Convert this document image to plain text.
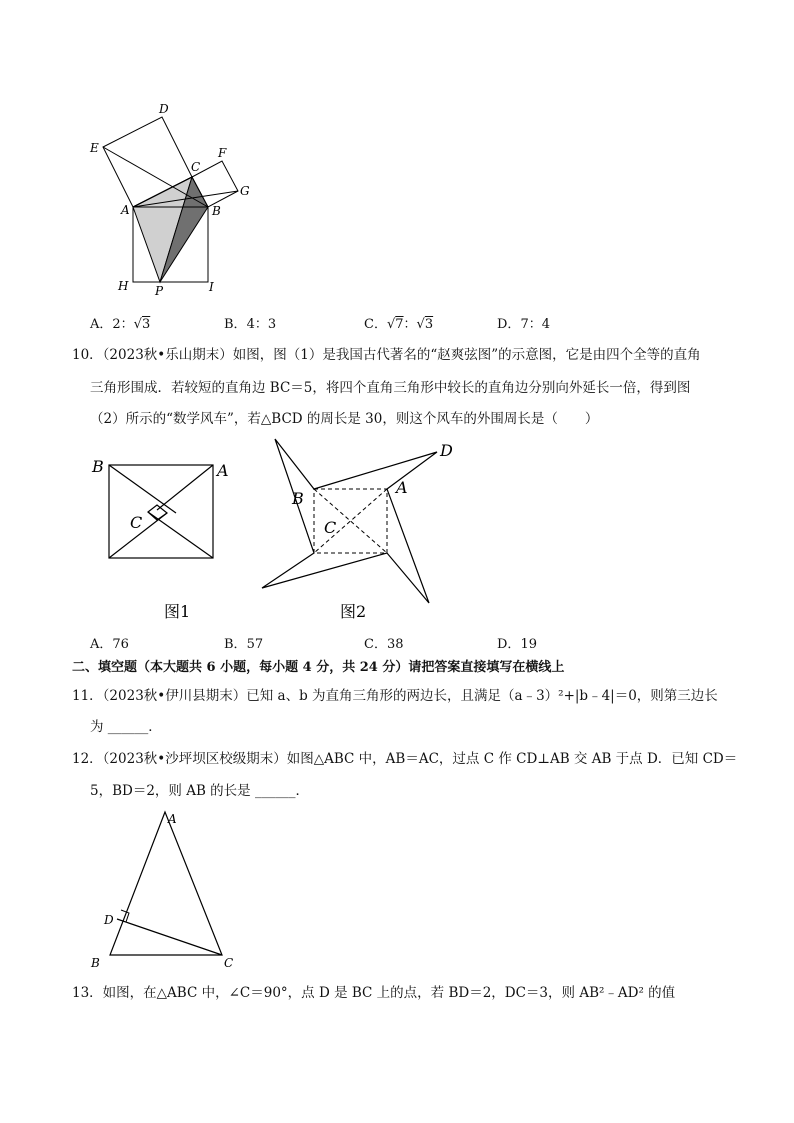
D
E
C
F
G
A	B
H P	I
A．2：√3	B．4：3	C．√7：√3	D．7：4
10．（2023秋•乐山期末）如图，图（1）是我国古代著名的“赵爽弦图”的示意图，它是由四个全等的直角
三角形围成．若较短的直角边 BC＝5，将四个直角三角形中较长的直角边分别向外延长一倍，得到图
（2）所示的“数学风车”，若△BCD 的周长是 30，则这个风车的外围周长是（　　）
B	A
C
图1
D
B
A
C
图2
A．76	B．57	C．38	D．19
二、填空题（本大题共 6 小题，每小题 4 分，共 24 分）请把答案直接填写在横线上
11．（2023秋•伊川县期末）已知 a、b 为直角三角形的两边长，且满足（a﹣3）²+|b﹣4|＝0，则第三边长
为 ______．
12．（2023秋•沙坪坝区校级期末）如图△ABC 中，AB＝AC，过点 C 作 CD⊥AB 交 AB 于点 D．已知 CD＝
5，BD＝2，则 AB 的长是 ______．
A
D
B	C
13．如图，在△ABC 中，∠C＝90°，点 D 是 BC 上的点，若 BD＝2，DC＝3，则 AB²﹣AD² 的值
